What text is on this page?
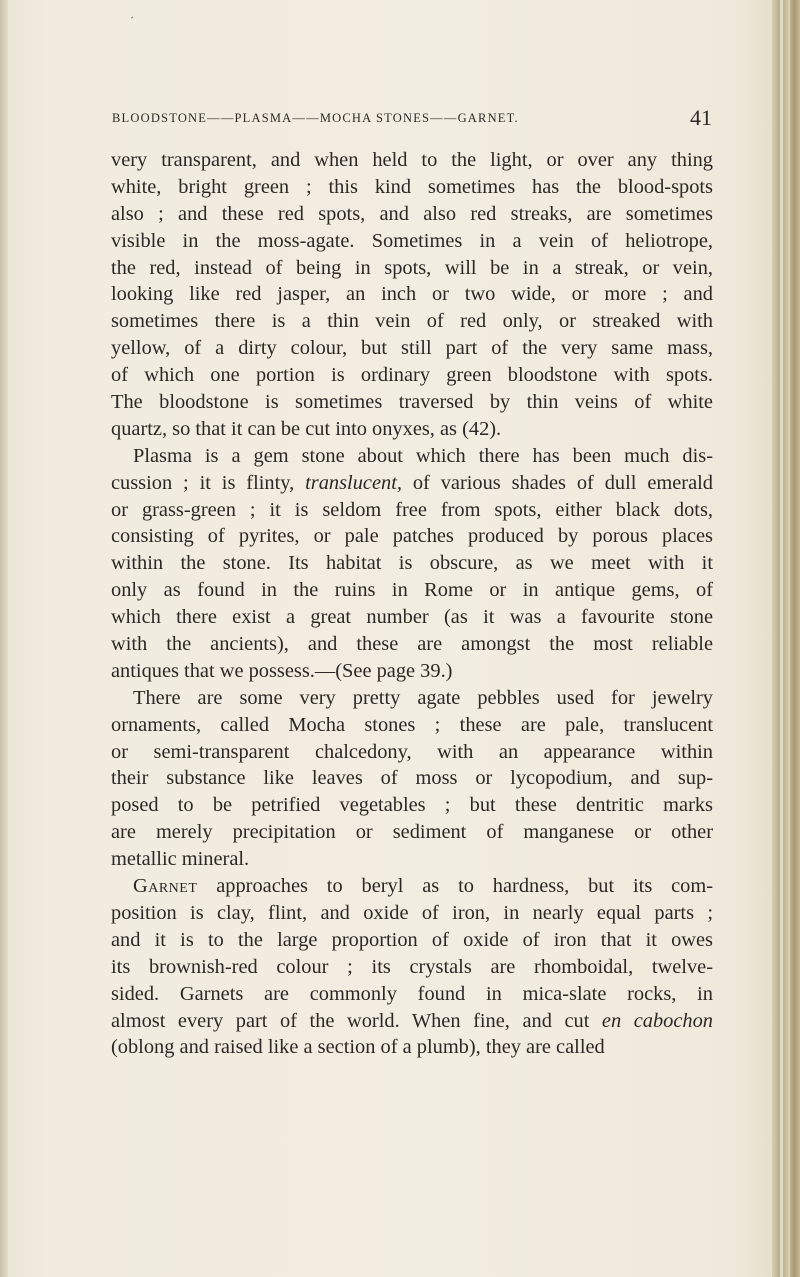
ˊ
BLOODSTONE——PLASMA——MOCHA STONES——GARNET.	41
very transparent, and when held to the light, or over any thing
white, bright green ; this kind sometimes has the blood-spots
also ; and these red spots, and also red streaks, are sometimes
visible in the moss-agate. Sometimes in a vein of heliotrope,
the red, instead of being in spots, will be in a streak, or vein,
looking like red jasper, an inch or two wide, or more ; and
sometimes there is a thin vein of red only, or streaked with
yellow, of a dirty colour, but still part of the very same mass,
of which one portion is ordinary green bloodstone with spots.
The bloodstone is sometimes traversed by thin veins of white
quartz, so that it can be cut into onyxes, as (42).
Plasma is a gem stone about which there has been much dis-
cussion ; it is flinty, translucent, of various shades of dull emerald
or grass-green ; it is seldom free from spots, either black dots,
consisting of pyrites, or pale patches produced by porous places
within the stone. Its habitat is obscure, as we meet with it
only as found in the ruins in Rome or in antique gems, of
which there exist a great number (as it was a favourite stone
with the ancients), and these are amongst the most reliable
antiques that we possess.—(See page 39.)
There are some very pretty agate pebbles used for jewelry
ornaments, called Mocha stones ; these are pale, translucent
or semi-transparent chalcedony, with an appearance within
their substance like leaves of moss or lycopodium, and sup-
posed to be petrified vegetables ; but these dentritic marks
are merely precipitation or sediment of manganese or other
metallic mineral.
Garnet approaches to beryl as to hardness, but its com-
position is clay, flint, and oxide of iron, in nearly equal parts ;
and it is to the large proportion of oxide of iron that it owes
its brownish-red colour ; its crystals are rhomboidal, twelve-
sided. Garnets are commonly found in mica-slate rocks, in
almost every part of the world. When fine, and cut en cabochon
(oblong and raised like a section of a plumb), they are called
